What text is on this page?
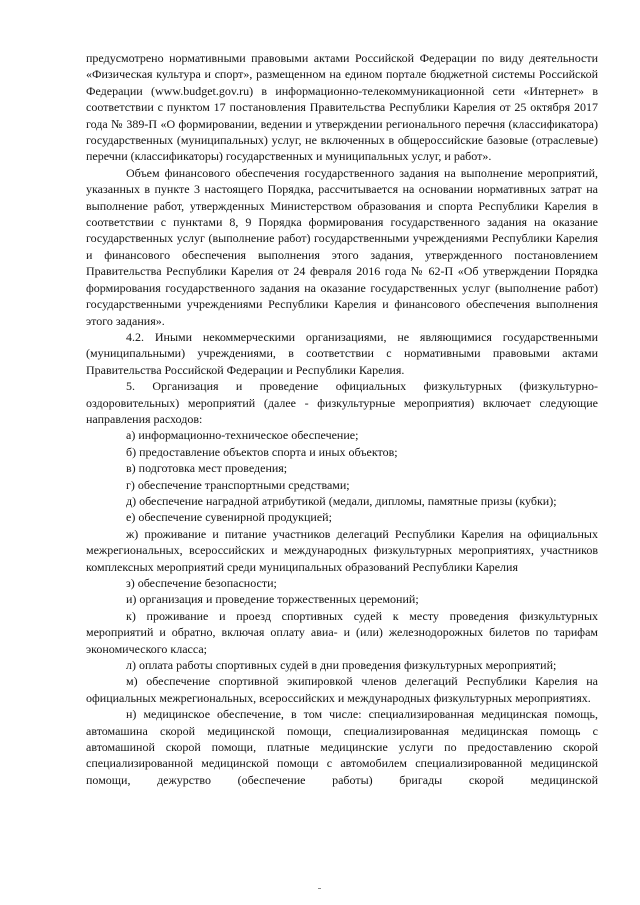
предусмотрено нормативными правовыми актами Российской Федерации по виду деятельности «Физическая культура и спорт», размещенном на едином портале бюджетной системы Российской Федерации (www.budget.gov.ru) в информационно-телекоммуникационной сети «Интернет» в соответствии с пунктом 17 постановления Правительства Республики Карелия от 25 октября 2017 года № 389-П «О формировании, ведении и утверждении регионального перечня (классификатора) государственных (муниципальных) услуг, не включенных в общероссийские базовые (отраслевые) перечни (классификаторы) государственных и муниципальных услуг, и работ».

Объем финансового обеспечения государственного задания на выполнение мероприятий, указанных в пункте 3 настоящего Порядка, рассчитывается на основании нормативных затрат на выполнение работ, утвержденных Министерством образования и спорта Республики Карелия в соответствии с пунктами 8, 9 Порядка формирования государственного задания на оказание государственных услуг (выполнение работ) государственными учреждениями Республики Карелия и финансового обеспечения выполнения этого задания, утвержденного постановлением Правительства Республики Карелия от 24 февраля 2016 года № 62-П «Об утверждении Порядка формирования государственного задания на оказание государственных услуг (выполнение работ) государственными учреждениями Республики Карелия и финансового обеспечения выполнения этого задания».

4.2. Иными некоммерческими организациями, не являющимися государственными (муниципальными) учреждениями, в соответствии с нормативными правовыми актами Правительства Российской Федерации и Республики Карелия.

5. Организация и проведение официальных физкультурных (физкультурно-оздоровительных) мероприятий (далее - физкультурные мероприятия) включает следующие направления расходов:

а) информационно-техническое обеспечение;

б) предоставление объектов спорта и иных объектов;

в) подготовка мест проведения;

г) обеспечение транспортными средствами;

д) обеспечение наградной атрибутикой (медали, дипломы, памятные призы (кубки);

е) обеспечение сувенирной продукцией;

ж) проживание и питание участников делегаций Республики Карелия на официальных межрегиональных, всероссийских и международных физкультурных мероприятиях, участников комплексных мероприятий среди муниципальных образований Республики Карелия

з) обеспечение безопасности;

и) организация и проведение торжественных церемоний;

к) проживание и проезд спортивных судей к месту проведения физкультурных мероприятий и обратно, включая оплату авиа- и (или) железнодорожных билетов по тарифам экономического класса;

л) оплата работы спортивных судей в дни проведения физкультурных мероприятий;

м) обеспечение спортивной экипировкой членов делегаций Республики Карелия на официальных межрегиональных, всероссийских и международных физкультурных мероприятиях.

н) медицинское обеспечение, в том числе: специализированная медицинская помощь, автомашина скорой медицинской помощи, специализированная медицинская помощь с автомашиной скорой помощи, платные медицинские услуги по предоставлению скорой специализированной медицинской помощи с автомобилем специализированной медицинской помощи, дежурство (обеспечение работы) бригады скорой медицинской
